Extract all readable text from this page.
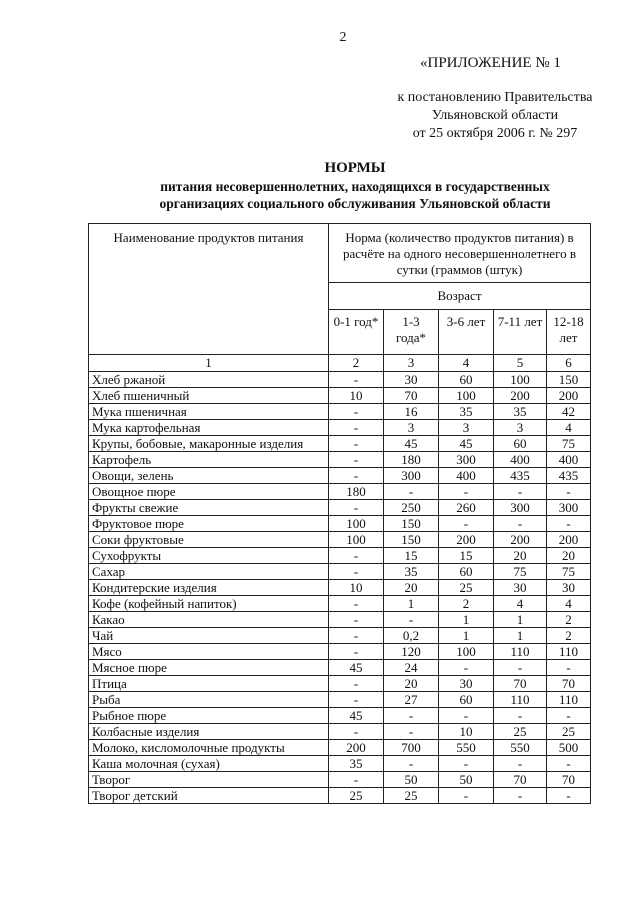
2
«ПРИЛОЖЕНИЕ № 1
к постановлению Правительства
Ульяновской области
от 25 октября 2006 г. № 297
НОРМЫ
питания несовершеннолетних, находящихся в государственных
организациях социального обслуживания Ульяновской области
Наименование продуктов питания	Норма (количество продуктов питания) в расчёте на одного несовершеннолетнего в сутки (граммов (штук)				
	Возраст				
	0-1 год*	1-3 года*	3-6 лет	7-11 лет	12-18 лет
1	2	3	4	5	6
Хлеб ржаной	-	30	60	100	150
Хлеб пшеничный	10	70	100	200	200
Мука пшеничная	-	16	35	35	42
Мука картофельная	-	3	3	3	4
Крупы, бобовые, макаронные изделия	-	45	45	60	75
Картофель	-	180	300	400	400
Овощи, зелень	-	300	400	435	435
Овощное пюре	180	-	-	-	-
Фрукты свежие	-	250	260	300	300
Фруктовое пюре	100	150	-	-	-
Соки фруктовые	100	150	200	200	200
Сухофрукты	-	15	15	20	20
Сахар	-	35	60	75	75
Кондитерские изделия	10	20	25	30	30
Кофе (кофейный напиток)	-	1	2	4	4
Какао	-	-	1	1	2
Чай	-	0,2	1	1	2
Мясо	-	120	100	110	110
Мясное пюре	45	24	-	-	-
Птица	-	20	30	70	70
Рыба	-	27	60	110	110
Рыбное пюре	45	-	-	-	-
Колбасные изделия	-	-	10	25	25
Молоко, кисломолочные продукты	200	700	550	550	500
Каша молочная (сухая)	35	-	-	-	-
Творог	-	50	50	70	70
Творог детский	25	25	-	-	-
